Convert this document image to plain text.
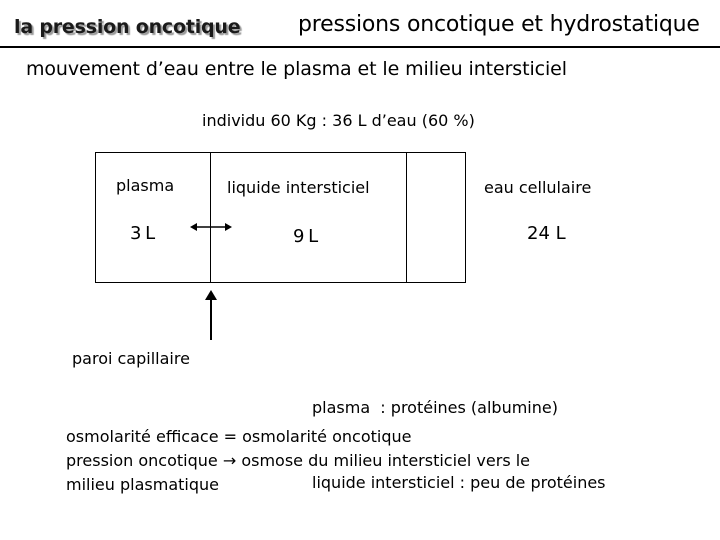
la pression oncotique	pressions oncotique et hydrostatique
mouvement d’eau entre le plasma et le milieu intersticiel
individu 60 Kg : 36 L d’eau (60 %)
plasma	liquide intersticiel	eau cellulaire
3 L	9 L	24 L
paroi capillaire

plasma  : protéines (albumine)

liquide intersticiel : peu de protéines

osmolarité efficace = osmolarité oncotique
pression oncotique → osmose du milieu intersticiel vers le
milieu plasmatique
